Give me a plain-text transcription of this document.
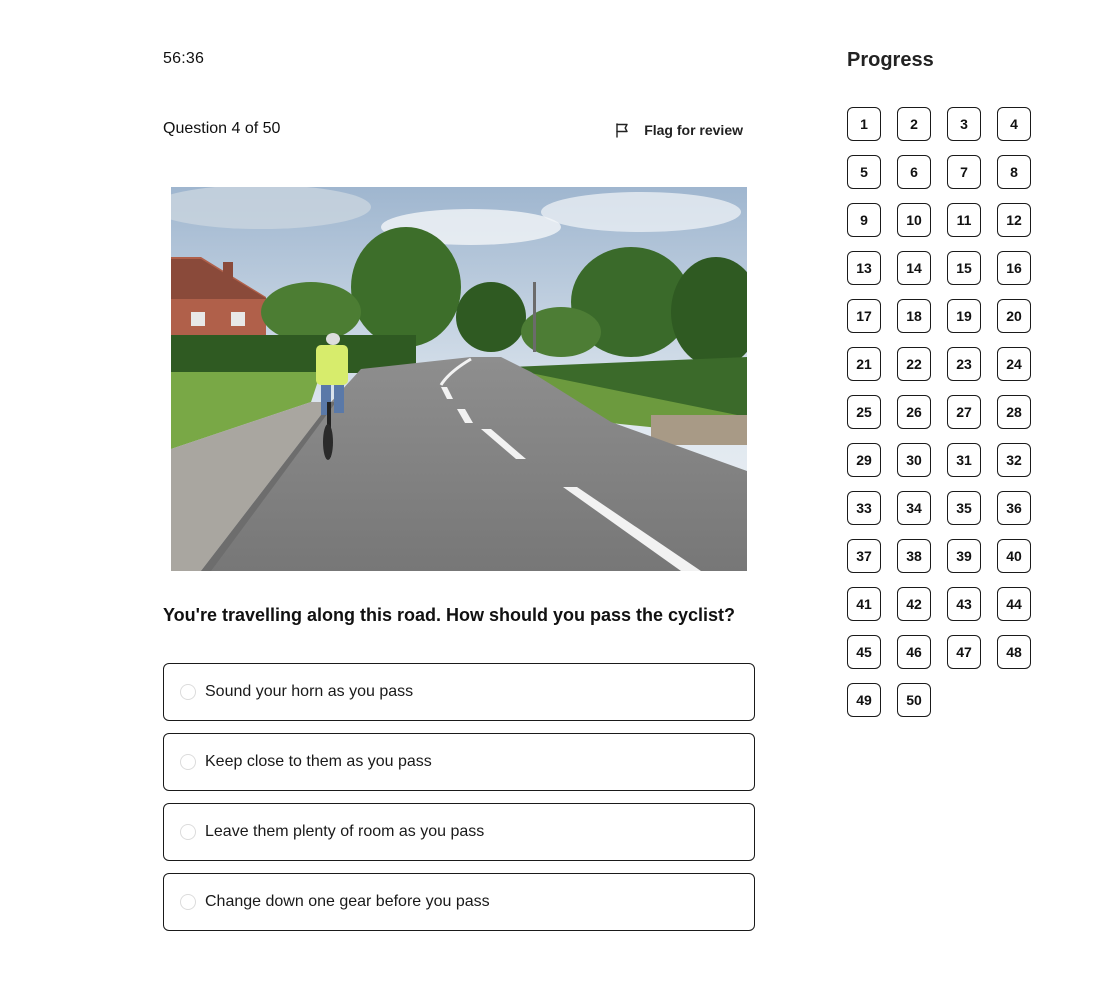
56:36
Question 4 of 50	Flag for review
You're travelling along this road. How should you pass the cyclist?
Sound your horn as you pass
Keep close to them as you pass
Leave them plenty of room as you pass
Change down one gear before you pass
Progress
1	2	3	4
5	6	7	8
9	10	11	12
13	14	15	16
17	18	19	20
21	22	23	24
25	26	27	28
29	30	31	32
33	34	35	36
37	38	39	40
41	42	43	44
45	46	47	48
49	50
